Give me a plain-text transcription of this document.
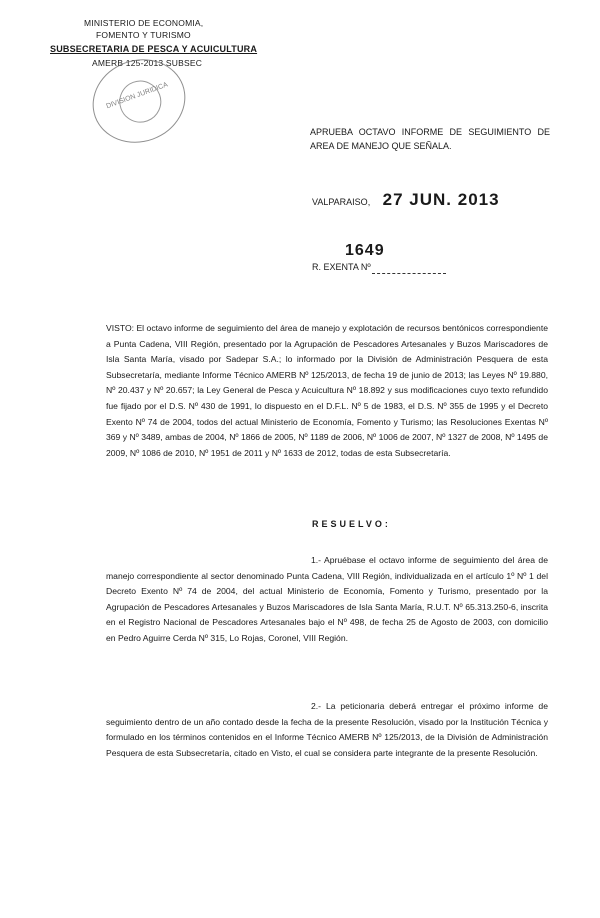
MINISTERIO DE ECONOMIA,
FOMENTO Y TURISMO
SUBSECRETARIA DE PESCA Y ACUICULTURA
AMERB 125-2013 SUBSEC
DIVISION JURIDICA
APRUEBA OCTAVO INFORME DE SEGUIMIENTO DE AREA DE MANEJO QUE SEÑALA.
VALPARAISO, 27 JUN. 2013
1649
R. EXENTA Nº
VISTO: El octavo informe de seguimiento del área de manejo y explotación de recursos bentónicos correspondiente a Punta Cadena, VIII Región, presentado por la Agrupación de Pescadores Artesanales y Buzos Mariscadores de Isla Santa María, visado por Sadepar S.A.; lo informado por la División de Administración Pesquera de esta Subsecretaría, mediante Informe Técnico AMERB Nº 125/2013, de fecha 19 de junio de 2013; las Leyes Nº 19.880, Nº 20.437 y Nº 20.657; la Ley General de Pesca y Acuicultura Nº 18.892 y sus modificaciones cuyo texto refundido fue fijado por el D.S. Nº 430 de 1991, lo dispuesto en el D.F.L. Nº 5 de 1983, el D.S. Nº 355 de 1995 y el Decreto Exento Nº 74 de 2004, todos del actual Ministerio de Economía, Fomento y Turismo; las Resoluciones Exentas Nº 369 y Nº 3489, ambas de 2004, Nº 1866 de 2005, Nº 1189 de 2006, Nº 1006 de 2007, Nº 1327 de 2008, Nº 1495 de 2009, Nº 1086 de 2010, Nº 1951 de 2011 y Nº 1633 de 2012, todas de esta Subsecretaría.
RESUELVO:
1.- Apruébase el octavo informe de seguimiento del área de manejo correspondiente al sector denominado Punta Cadena, VIII Región, individualizada en el artículo 1º Nº 1 del Decreto Exento Nº 74 de 2004, del actual Ministerio de Economía, Fomento y Turismo, presentado por la Agrupación de Pescadores Artesanales y Buzos Mariscadores de Isla Santa María, R.U.T. Nº 65.313.250-6, inscrita en el Registro Nacional de Pescadores Artesanales bajo el Nº 498, de fecha 25 de Agosto de 2003, con domicilio en Pedro Aguirre Cerda Nº 315, Lo Rojas, Coronel, VIII Región.
2.- La peticionaria deberá entregar el próximo informe de seguimiento dentro de un año contado desde la fecha de la presente Resolución, visado por la Institución Técnica y formulado en los términos contenidos en el Informe Técnico AMERB Nº 125/2013, de la División de Administración Pesquera de esta Subsecretaría, citado en Visto, el cual se considera parte integrante de la presente Resolución.
